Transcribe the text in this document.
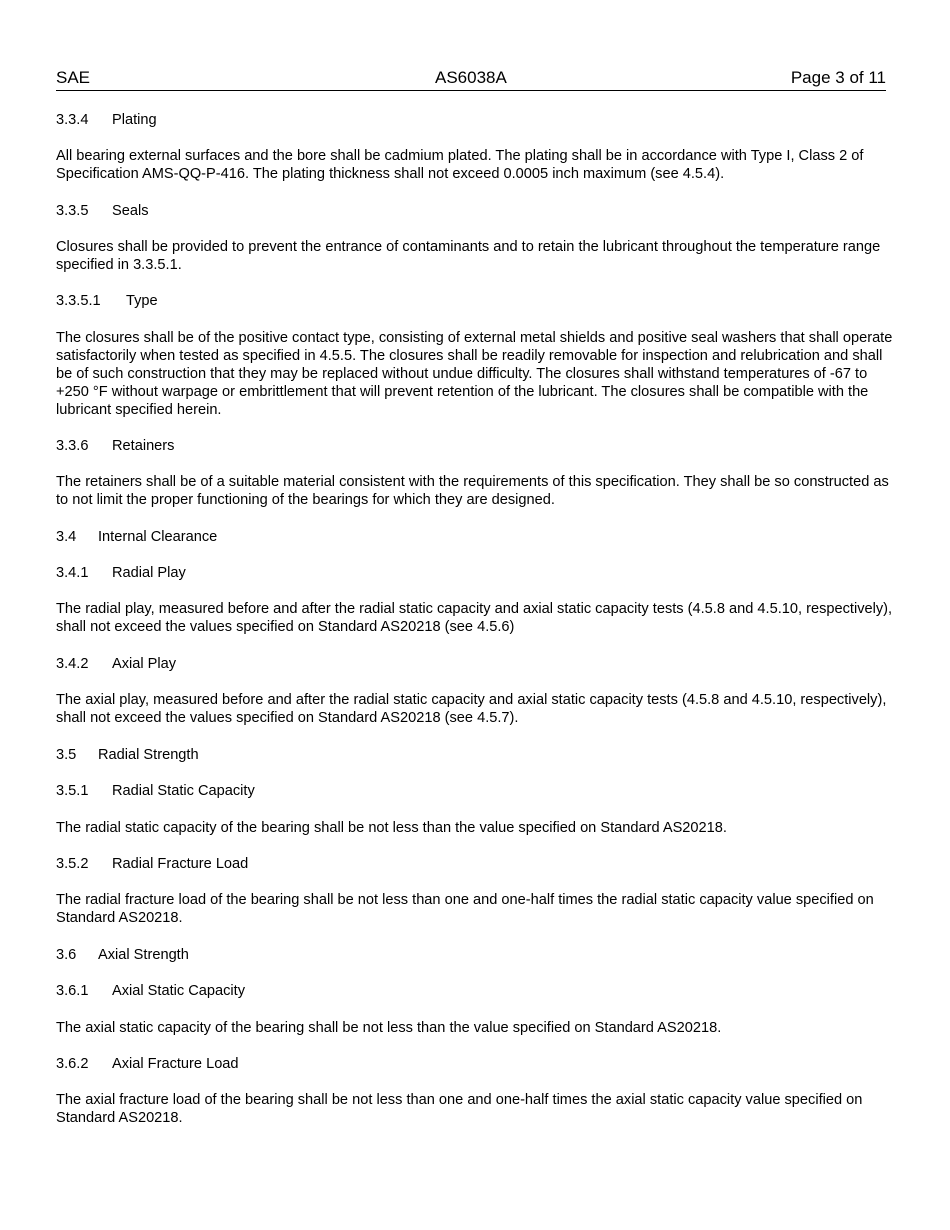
SAE	AS6038A	Page 3 of 11
3.3.4 Plating
All bearing external surfaces and the bore shall be cadmium plated. The plating shall be in accordance with Type I, Class 2 of Specification AMS-QQ-P-416. The plating thickness shall not exceed 0.0005 inch maximum (see 4.5.4).
3.3.5 Seals
Closures shall be provided to prevent the entrance of contaminants and to retain the lubricant throughout the temperature range specified in 3.3.5.1.
3.3.5.1 Type
The closures shall be of the positive contact type, consisting of external metal shields and positive seal washers that shall operate satisfactorily when tested as specified in 4.5.5. The closures shall be readily removable for inspection and relubrication and shall be of such construction that they may be replaced without undue difficulty. The closures shall withstand temperatures of -67 to +250 °F without warpage or embrittlement that will prevent retention of the lubricant. The closures shall be compatible with the lubricant specified herein.
3.3.6 Retainers
The retainers shall be of a suitable material consistent with the requirements of this specification. They shall be so constructed as to not limit the proper functioning of the bearings for which they are designed.
3.4 Internal Clearance
3.4.1 Radial Play
The radial play, measured before and after the radial static capacity and axial static capacity tests (4.5.8 and 4.5.10, respectively), shall not exceed the values specified on Standard AS20218 (see 4.5.6)
3.4.2 Axial Play
The axial play, measured before and after the radial static capacity and axial static capacity tests (4.5.8 and 4.5.10, respectively), shall not exceed the values specified on Standard AS20218 (see 4.5.7).
3.5 Radial Strength
3.5.1 Radial Static Capacity
The radial static capacity of the bearing shall be not less than the value specified on Standard AS20218.
3.5.2 Radial Fracture Load
The radial fracture load of the bearing shall be not less than one and one-half times the radial static capacity value specified on Standard AS20218.
3.6 Axial Strength
3.6.1 Axial Static Capacity
The axial static capacity of the bearing shall be not less than the value specified on Standard AS20218.
3.6.2 Axial Fracture Load
The axial fracture load of the bearing shall be not less than one and one-half times the axial static capacity value specified on Standard AS20218.
